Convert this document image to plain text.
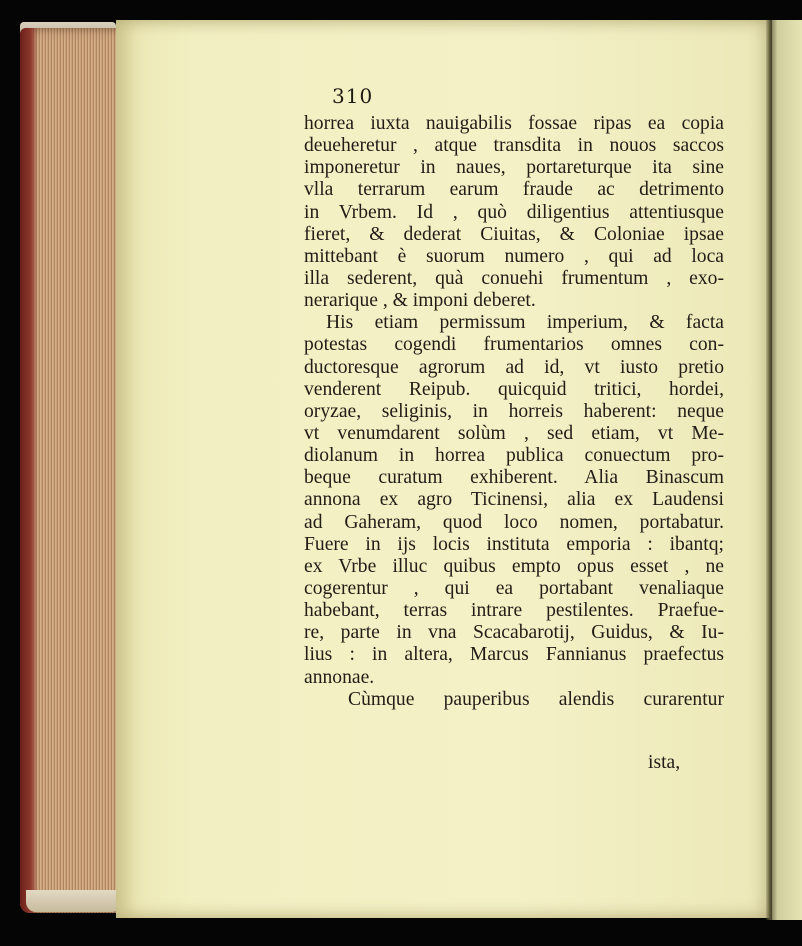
310
horrea iuxta nauigabilis fossae ripas ea copia
deueheretur , atque transdita in nouos saccos
imponeretur in naues, portareturque ita sine
vlla terrarum earum fraude ac detrimento
in Vrbem. Id , quò diligentius attentiusque
fieret, & dederat Ciuitas, & Coloniae ipsae
mittebant è suorum numero , qui ad loca
illa sederent, quà conuehi frumentum , exo-
nerarique , & imponi deberet.
His etiam permissum imperium, & facta
potestas cogendi frumentarios omnes con-
ductoresque agrorum ad id, vt iusto pretio
venderent Reipub. quicquid tritici, hordei,
oryzae, seliginis, in horreis haberent: neque
vt venumdarent solùm , sed etiam, vt Me-
diolanum in horrea publica conuectum pro-
beque curatum exhiberent. Alia Binascum
annona ex agro Ticinensi, alia ex Laudensi
ad Gaheram, quod loco nomen, portabatur.
Fuere in ijs locis instituta emporia : ibantq;
ex Vrbe illuc quibus empto opus esset , ne
cogerentur , qui ea portabant venaliaque
habebant, terras intrare pestilentes. Praefue-
re, parte in vna Scacabarotij, Guidus, & Iu-
lius : in altera, Marcus Fannianus praefectus
annonae.
Cùmque pauperibus alendis curarentur
ista,
